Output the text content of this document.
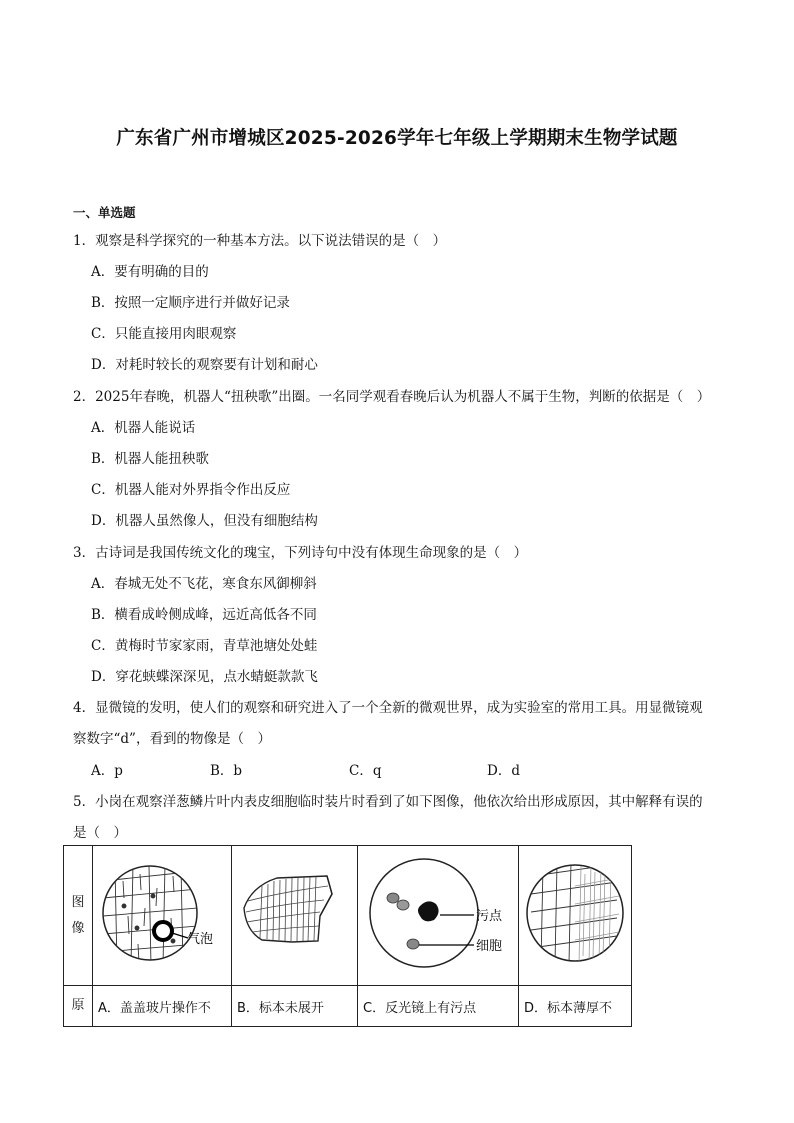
广东省广州市增城区2025-2026学年七年级上学期期末生物学试题
一、单选题
1．观察是科学探究的一种基本方法。以下说法错误的是（　）
A．要有明确的目的
B．按照一定顺序进行并做好记录
C．只能直接用肉眼观察
D．对耗时较长的观察要有计划和耐心
2．2025年春晚，机器人“扭秧歌”出圈。一名同学观看春晚后认为机器人不属于生物，判断的依据是（　）
A．机器人能说话
B．机器人能扭秧歌
C．机器人能对外界指令作出反应
D．机器人虽然像人，但没有细胞结构
3．古诗词是我国传统文化的瑰宝，下列诗句中没有体现生命现象的是（　）
A．春城无处不飞花，寒食东风御柳斜
B．横看成岭侧成峰，远近高低各不同
C．黄梅时节家家雨，青草池塘处处蛙
D．穿花蛱蝶深深见，点水蜻蜓款款飞
4．显微镜的发明，使人们的观察和研究进入了一个全新的微观世界，成为实验室的常用工具。用显微镜观
察数字“d”，看到的物像是（　）
A．p	B．b	C．q	D．d
5．小岗在观察洋葱鳞片叶内表皮细胞临时装片时看到了如下图像，他依次给出形成原因，其中解释有误的
是（　）
图像	气泡		污点
细胞

原	A．盖盖玻片操作不	B．标本未展开	C．反光镜上有污点	D．标本薄厚不
